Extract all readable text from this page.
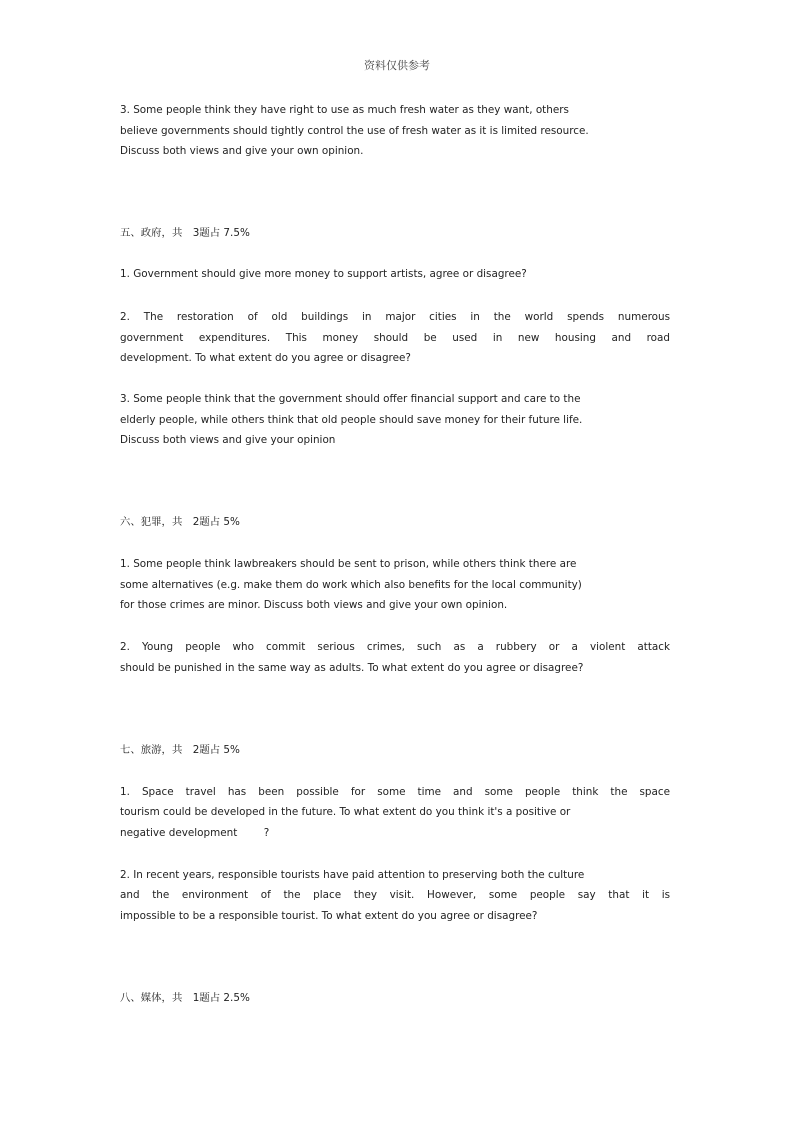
资料仅供参考

3. Some people think they have right to use as much fresh water as they want, others
believe governments should tightly control the use of fresh water as it is limited resource.
Discuss both views and give your own opinion.

五、政府，共　3题占 7.5%

1. Government should give more money to support artists, agree or disagree?

2. The restoration of old buildings in major cities in the world spends numerous
government expenditures. This money should be used in new housing and road
development. To what extent do you agree or disagree?

3. Some people think that the government should offer financial support and care to the
elderly people, while others think that old people should save money for their future life.
Discuss both views and give your opinion

六、犯罪，共　2题占 5%

1. Some people think lawbreakers should be sent to prison, while others think there are
some alternatives (e.g. make them do work which also benefits for the local community)
for those crimes are minor. Discuss both views and give your own opinion.

2. Young people who commit serious crimes, such as a rubbery or a violent attack
should be punished in the same way as adults. To what extent do you agree or disagree?

七、旅游，共　2题占 5%

1. Space travel has been possible for some time and some people think the space
tourism could be developed in the future. To what extent do you think it's a positive or
negative development        ?

2. In recent years, responsible tourists have paid attention to preserving both the culture
and the environment of the place they visit. However, some people say that it is
impossible to be a responsible tourist. To what extent do you agree or disagree?

八、媒体，共　1题占 2.5%
